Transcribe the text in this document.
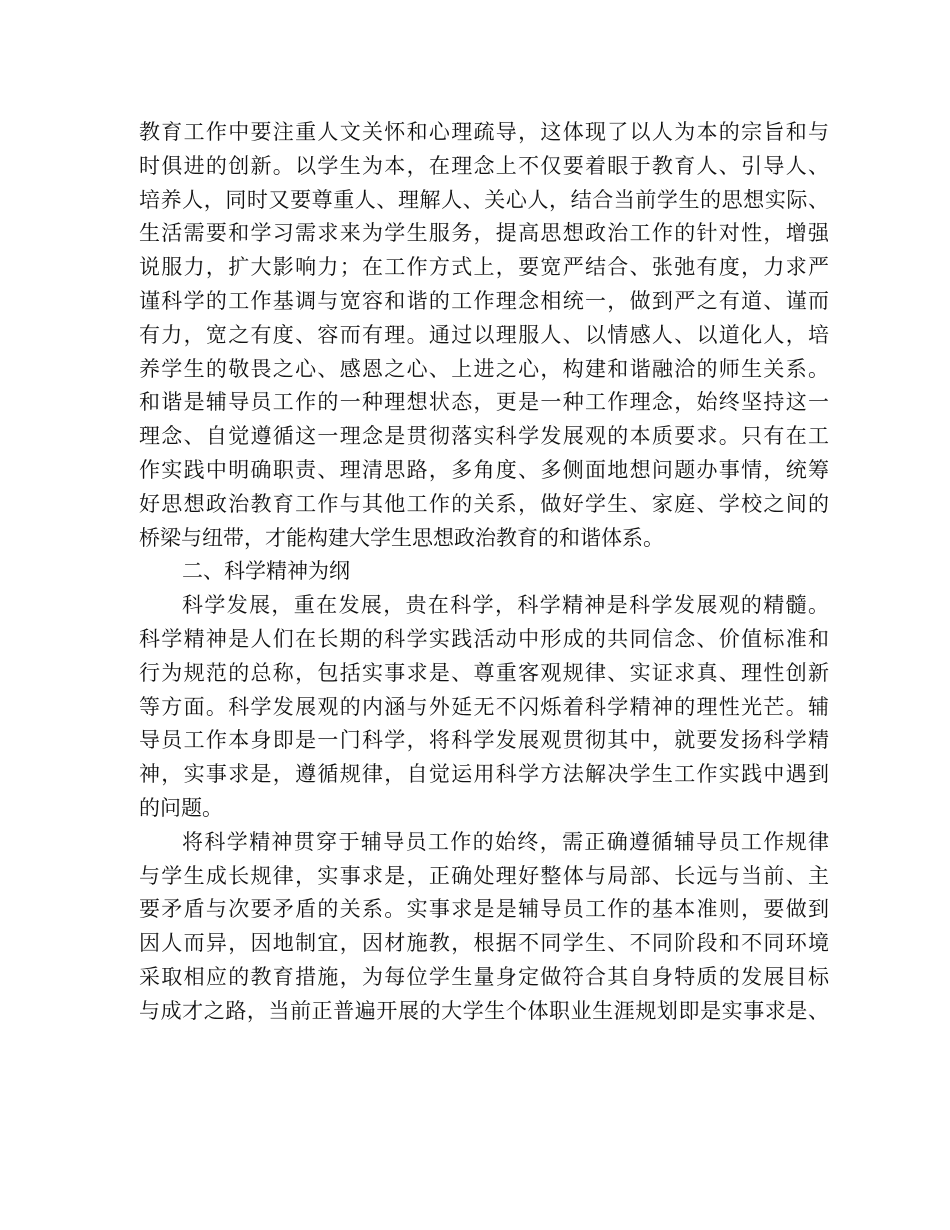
教育工作中要注重人文关怀和心理疏导，这体现了以人为本的宗旨和与
时俱进的创新。以学生为本，在理念上不仅要着眼于教育人、引导人、
培养人，同时又要尊重人、理解人、关心人，结合当前学生的思想实际、
生活需要和学习需求来为学生服务，提高思想政治工作的针对性，增强
说服力，扩大影响力；在工作方式上，要宽严结合、张弛有度，力求严
谨科学的工作基调与宽容和谐的工作理念相统一，做到严之有道、谨而
有力，宽之有度、容而有理。通过以理服人、以情感人、以道化人，培
养学生的敬畏之心、感恩之心、上进之心，构建和谐融洽的师生关系。
和谐是辅导员工作的一种理想状态，更是一种工作理念，始终坚持这一
理念、自觉遵循这一理念是贯彻落实科学发展观的本质要求。只有在工
作实践中明确职责、理清思路，多角度、多侧面地想问题办事情，统筹
好思想政治教育工作与其他工作的关系，做好学生、家庭、学校之间的
桥梁与纽带，才能构建大学生思想政治教育的和谐体系。
二、科学精神为纲
科学发展，重在发展，贵在科学，科学精神是科学发展观的精髓。
科学精神是人们在长期的科学实践活动中形成的共同信念、价值标准和
行为规范的总称，包括实事求是、尊重客观规律、实证求真、理性创新
等方面。科学发展观的内涵与外延无不闪烁着科学精神的理性光芒。辅
导员工作本身即是一门科学，将科学发展观贯彻其中，就要发扬科学精
神，实事求是，遵循规律，自觉运用科学方法解决学生工作实践中遇到
的问题。
将科学精神贯穿于辅导员工作的始终，需正确遵循辅导员工作规律
与学生成长规律，实事求是，正确处理好整体与局部、长远与当前、主
要矛盾与次要矛盾的关系。实事求是是辅导员工作的基本准则，要做到
因人而异，因地制宜，因材施教，根据不同学生、不同阶段和不同环境
采取相应的教育措施，为每位学生量身定做符合其自身特质的发展目标
与成才之路，当前正普遍开展的大学生个体职业生涯规划即是实事求是、
